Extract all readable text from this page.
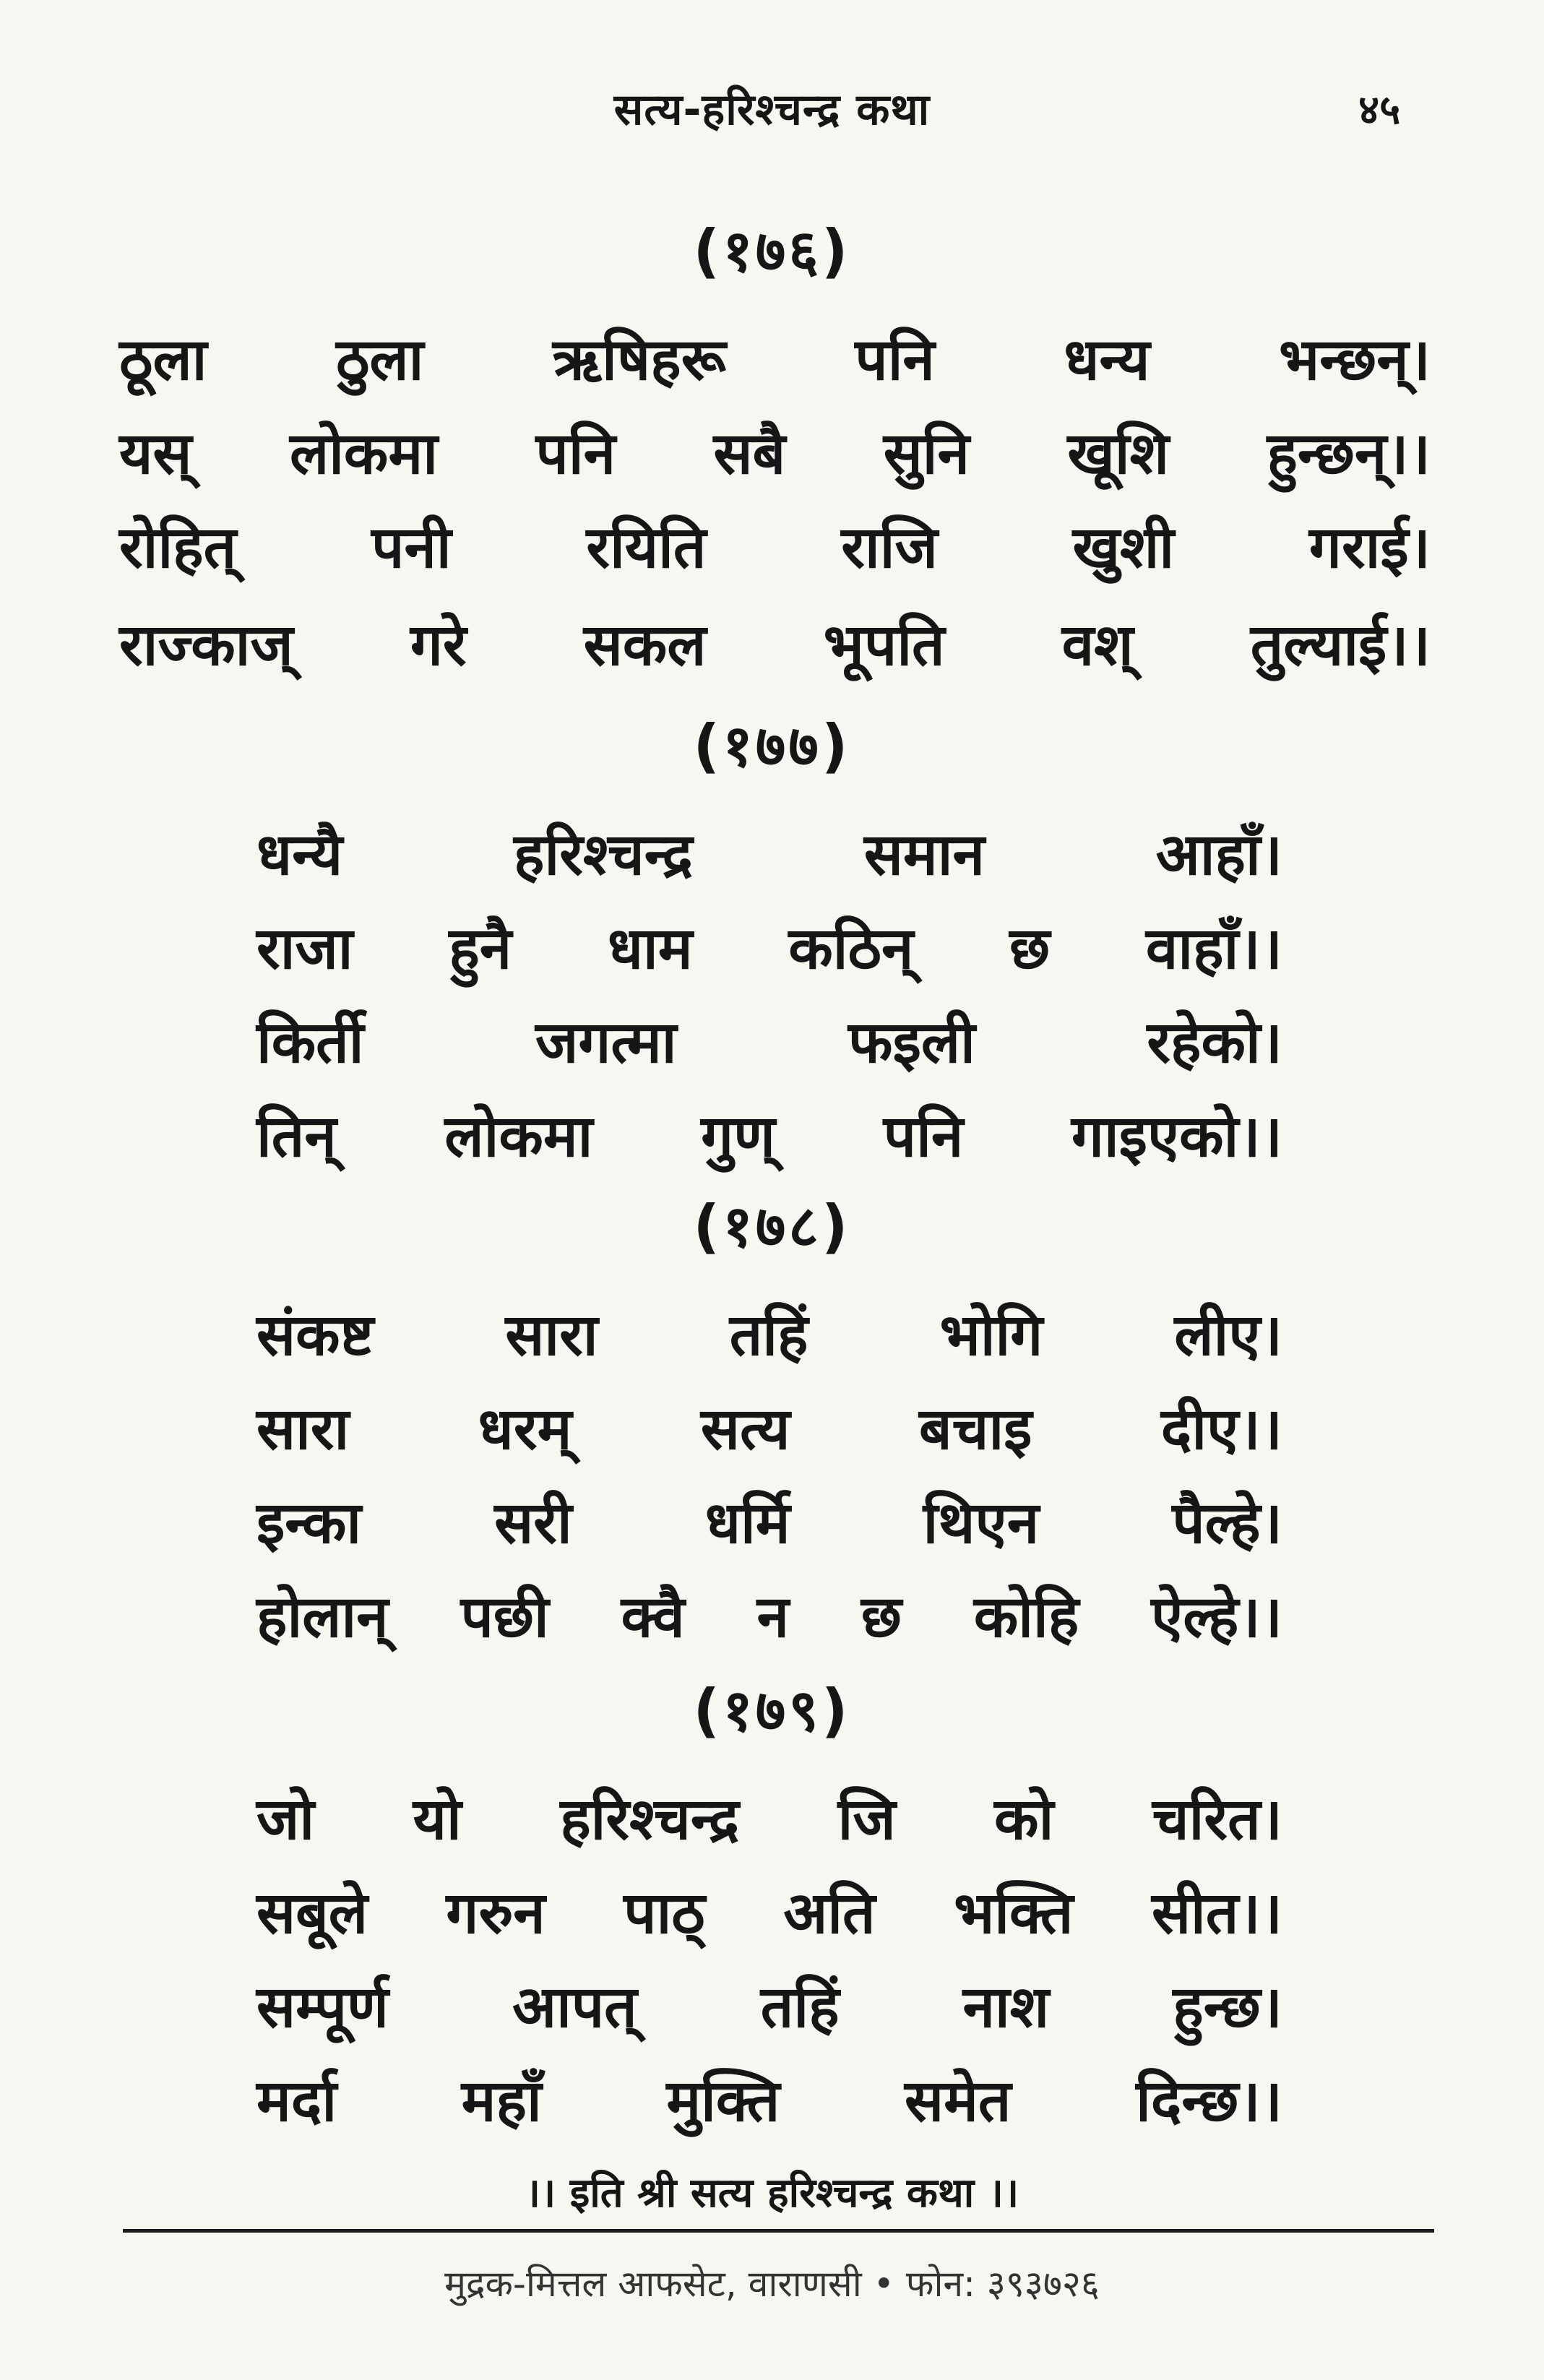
सत्य-हरिश्चन्द्र कथा	४५
(१७६)
ठूला ठुला ऋषिहरू पनि धन्य भन्छन्।
यस् लोकमा पनि सबै सुनि खूशि हुन्छन्।।
रोहित् पनी रयिति राजि खुशी गराई।
राज्काज् गरे सकल भूपति वश् तुल्याई।।
(१७७)
धन्यै	हरिश्चन्द्र	समान	आहाँ।
राजा हुनै धाम कठिन् छ वाहाँ।।
किर्ती	जगत्मा	फइली	रहेको।
तिन् लोकमा गुण् पनि गाइएको।।
(१७८)
संकष्ट सारा तहिं भोगि लीए।
सारा धरम् सत्य बचाइ दीए।।
इन्का सरी धर्मि थिएन पैल्हे।
होलान् पछी क्वै न छ कोहि ऐल्हे।।
(१७९)
जो यो हरिश्चन्द्र जि को चरित।
सबूले गरुन पाठ् अति भक्ति सीत।।
सम्पूर्ण आपत् तहिं नाश हुन्छ।
मर्दा महाँ मुक्ति समेत दिन्छ।।
।। इति श्री सत्य हरिश्चन्द्र कथा ।।
मुद्रक-मित्तल आफसेट, वाराणसी • फोन: ३९३७२६
